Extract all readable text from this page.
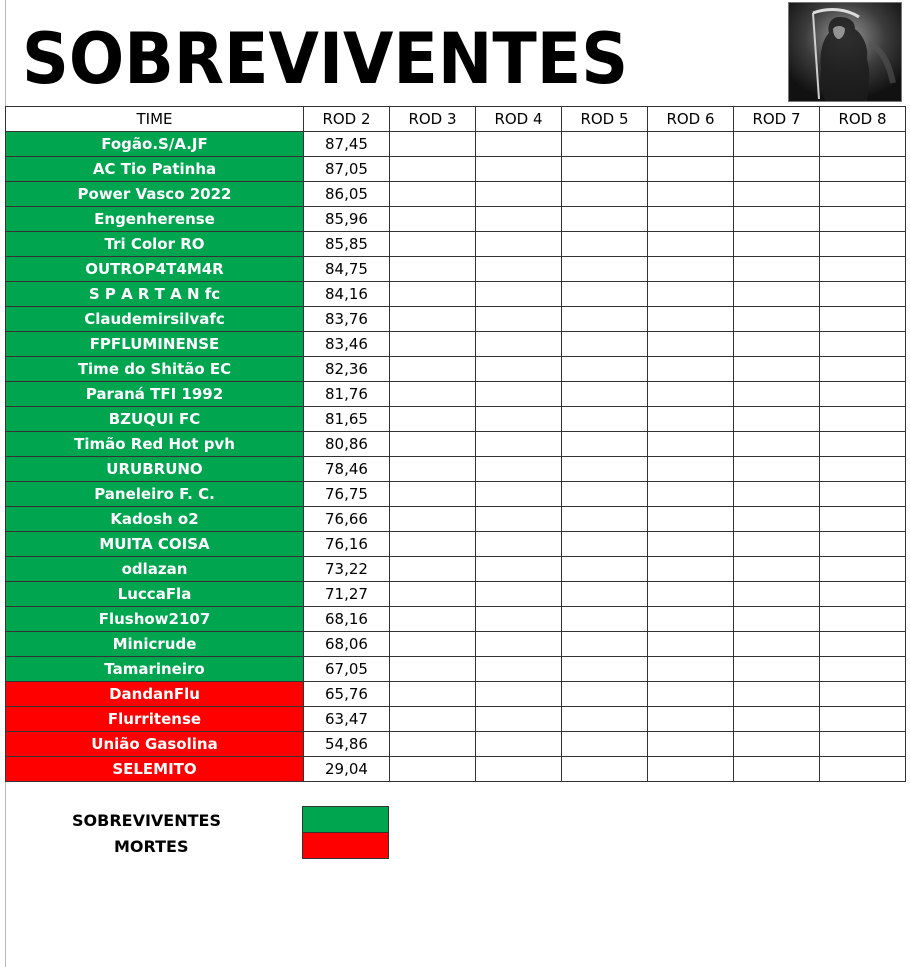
SOBREVIVENTES
TIME	ROD 2	ROD 3	ROD 4	ROD 5	ROD 6	ROD 7	ROD 8
Fogão.S/A.JF	87,45						
AC Tio Patinha	87,05						
Power Vasco 2022	86,05						
Engenherense	85,96						
Tri Color RO	85,85						
OUTROP4T4M4R	84,75						
S P A R T A N fc	84,16						
Claudemirsilvafc	83,76						
FPFLUMINENSE	83,46						
Time do Shitão EC	82,36						
Paraná TFI 1992	81,76						
BZUQUI FC	81,65						
Timão Red Hot pvh	80,86						
URUBRUNO	78,46						
Paneleiro F. C.	76,75						
Kadosh o2	76,66						
MUITA COISA	76,16						
odlazan	73,22						
LuccaFla	71,27						
Flushow2107	68,16						
Minicrude	68,06						
Tamarineiro	67,05						
DandanFlu	65,76						
Flurritense	63,47						
União Gasolina	54,86						
SELEMITO	29,04						
SOBREVIVENTES
MORTES
